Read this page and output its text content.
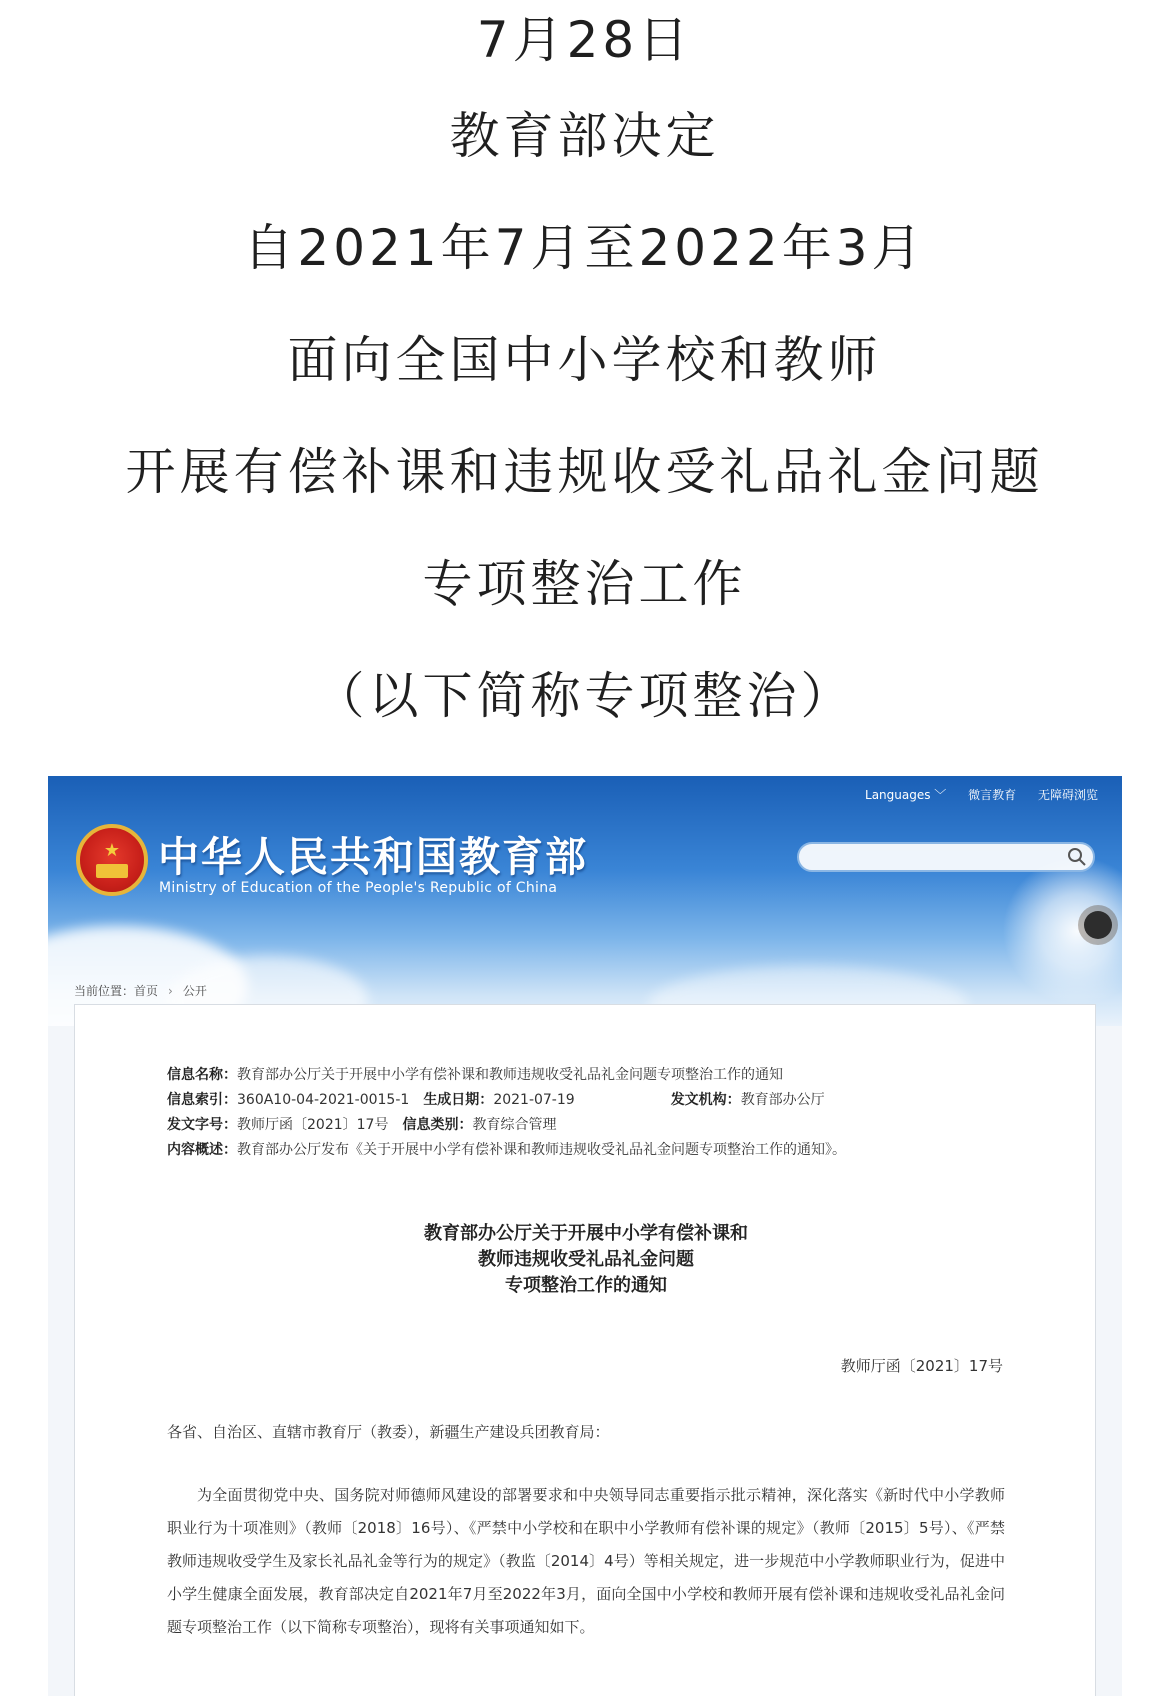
7月28日
教育部决定
自2021年7月至2022年3月
面向全国中小学校和教师
开展有偿补课和违规收受礼品礼金问题
专项整治工作
（以下简称专项整治）
★ 中华人民共和国教育部
Ministry of Education of the People's Republic of China
Languages ﹀ 微言教育 无障碍浏览
当前位置：首页 › 公开
信息名称：教育部办公厅关于开展中小学有偿补课和教师违规收受礼品礼金问题专项整治工作的通知
信息索引：360A10-04-2021-0015-1 生成日期：2021-07-19	发文机构：教育部办公厅
发文字号：教师厅函〔2021〕17号 信息类别：教育综合管理
内容概述：教育部办公厅发布《关于开展中小学有偿补课和教师违规收受礼品礼金问题专项整治工作的通知》。
教育部办公厅关于开展中小学有偿补课和
教师违规收受礼品礼金问题
专项整治工作的通知
教师厅函〔2021〕17号
各省、自治区、直辖市教育厅（教委），新疆生产建设兵团教育局：
为全面贯彻党中央、国务院对师德师风建设的部署要求和中央领导同志重要指示批示精神，深化落实《新时代中小学教师职业行为十项准则》（教师〔2018〕16号）、《严禁中小学校和在职中小学教师有偿补课的规定》（教师〔2015〕5号）、《严禁教师违规收受学生及家长礼品礼金等行为的规定》（教监〔2014〕4号）等相关规定，进一步规范中小学教师职业行为，促进中小学生健康全面发展，教育部决定自2021年7月至2022年3月，面向全国中小学校和教师开展有偿补课和违规收受礼品礼金问题专项整治工作（以下简称专项整治），现将有关事项通知如下。
